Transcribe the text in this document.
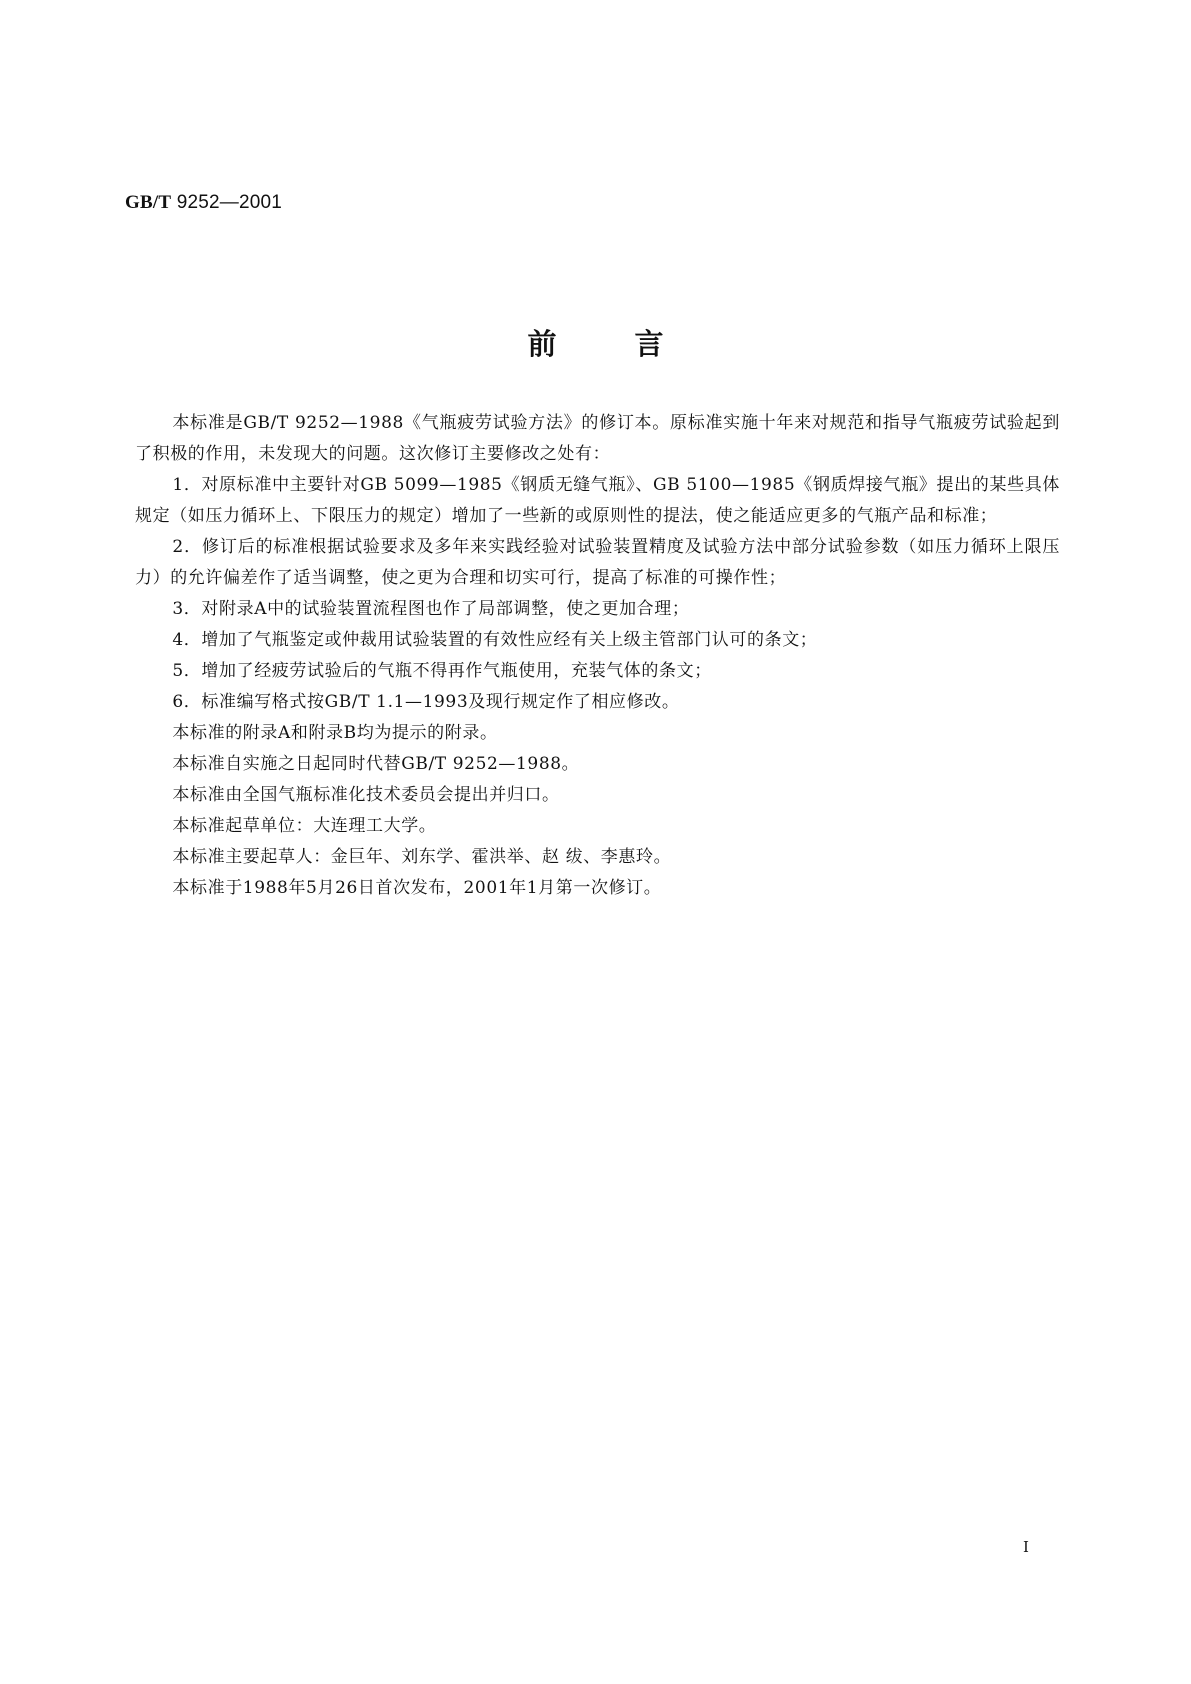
GB/T 9252—2001
前言

本标准是GB/T 9252—1988《气瓶疲劳试验方法》的修订本。原标准实施十年来对规范和指导气瓶疲劳试验起到了积极的作用，未发现大的问题。这次修订主要修改之处有：

1．对原标准中主要针对GB 5099—1985《钢质无缝气瓶》、GB 5100—1985《钢质焊接气瓶》提出的某些具体规定（如压力循环上、下限压力的规定）增加了一些新的或原则性的提法，使之能适应更多的气瓶产品和标准；

2．修订后的标准根据试验要求及多年来实践经验对试验装置精度及试验方法中部分试验参数（如压力循环上限压力）的允许偏差作了适当调整，使之更为合理和切实可行，提高了标准的可操作性；

3．对附录A中的试验装置流程图也作了局部调整，使之更加合理；

4．增加了气瓶鉴定或仲裁用试验装置的有效性应经有关上级主管部门认可的条文；

5．增加了经疲劳试验后的气瓶不得再作气瓶使用，充装气体的条文；

6．标准编写格式按GB/T 1.1—1993及现行规定作了相应修改。

本标准的附录A和附录B均为提示的附录。

本标准自实施之日起同时代替GB/T 9252—1988。

本标准由全国气瓶标准化技术委员会提出并归口。

本标准起草单位：大连理工大学。

本标准主要起草人：金巨年、刘东学、霍洪举、赵 绂、李惠玲。

本标准于1988年5月26日首次发布，2001年1月第一次修订。

I
